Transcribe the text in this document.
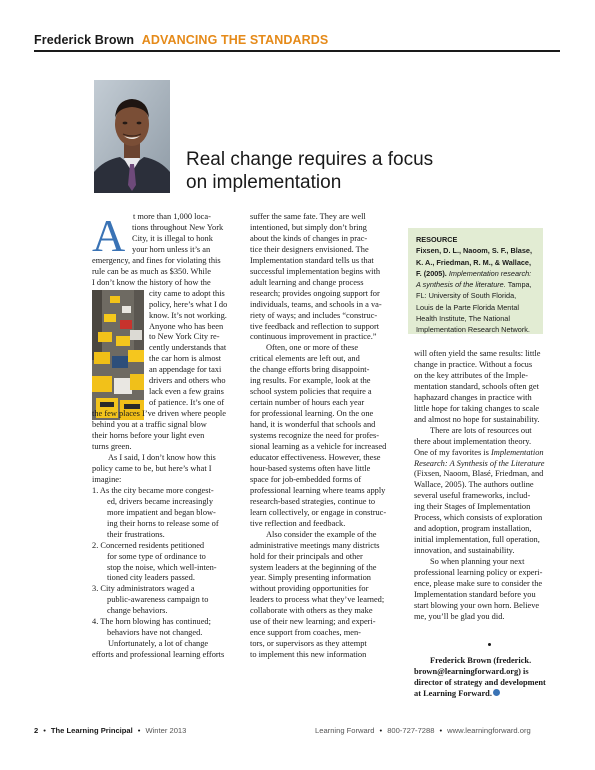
Frederick Brown ADVANCING THE STANDARDS
Real change requires a focus
on implementation
A t more than 1,000 loca-

tions throughout New York

City, it is illegal to honk

your horn unless it’s an

emergency, and fines for violating this

rule can be as much as $350. While

I don’t know the history of how the

city came to adopt this

policy, here’s what I do

know. It’s not working.

Anyone who has been

to New York City re-

cently understands that

the car horn is almost

an appendage for taxi

drivers and others who

lack even a few grains

of patience. It’s one of

the few places I’ve driven where people

behind you at a traffic signal blow

their horns before your light even

turns green.

As I said, I don’t know how this

policy came to be, but here’s what I

imagine:

1. As the city became more congest-

ed, drivers became increasingly

more impatient and began blow-

ing their horns to release some of

their frustrations.

2. Concerned residents petitioned

for some type of ordinance to

stop the noise, which well-inten-

tioned city leaders passed.

3. City administrators waged a

public-awareness campaign to

change behaviors.

4. The horn blowing has continued;

behaviors have not changed.

Unfortunately, a lot of change

efforts and professional learning efforts

suffer the same fate. They are well

intentioned, but simply don’t bring

about the kinds of changes in prac-

tice their designers envisioned. The

Implementation standard tells us that

successful implementation begins with

adult learning and change process

research; provides ongoing support for

individuals, teams, and schools in a va-

riety of ways; and includes “construc-

tive feedback and reflection to support

continuous improvement in practice.”

Often, one or more of these

critical elements are left out, and

the change efforts bring disappoint-

ing results. For example, look at the

school system policies that require a

certain number of hours each year

for professional learning. On the one

hand, it is wonderful that schools and

systems recognize the need for profes-

sional learning as a vehicle for increased

educator effectiveness. However, these

hour-based systems often have little

space for job-embedded forms of

professional learning where teams apply

research-based strategies, continue to

learn collectively, or engage in construc-

tive reflection and feedback.

Also consider the example of the

administrative meetings many districts

hold for their principals and other

system leaders at the beginning of the

year. Simply presenting information

without providing opportunities for

leaders to process what they’ve learned;

collaborate with others as they make

use of their new learning; and experi-

ence support from coaches, men-

tors, or supervisors as they attempt

to implement this new information

RESOURCE

Fixsen, D. L., Naoom, S. F., Blase,

K. A., Friedman, R. M., & Wallace,

F. (2005). Implementation research:

A synthesis of the literature. Tampa,

FL: University of South Florida,

Louis de la Parte Florida Mental

Health Institute, The National

Implementation Research Network.

will often yield the same results: little

change in practice. Without a focus

on the key attributes of the Imple-

mentation standard, schools often get

haphazard changes in practice with

little hope for taking changes to scale

and almost no hope for sustainability.

There are lots of resources out

there about implementation theory.

One of my favorites is Implementation

Research: A Synthesis of the Literature

(Fixsen, Naoom, Blasé, Friedman, and

Wallace, 2005). The authors outline

several useful frameworks, includ-

ing their Stages of Implementation

Process, which consists of exploration

and adoption, program installation,

initial implementation, full operation,

innovation, and sustainability.

So when planning your next

professional learning policy or experi-

ence, please make sure to consider the

Implementation standard before you

start blowing your own horn. Believe

me, you’ll be glad you did.

Frederick Brown (frederick.

brown@learningforward.org) is

director of strategy and development

at Learning Forward.

2 • The Learning Principal • Winter 2013	Learning Forward • 800-727-7288 • www.learningforward.org
